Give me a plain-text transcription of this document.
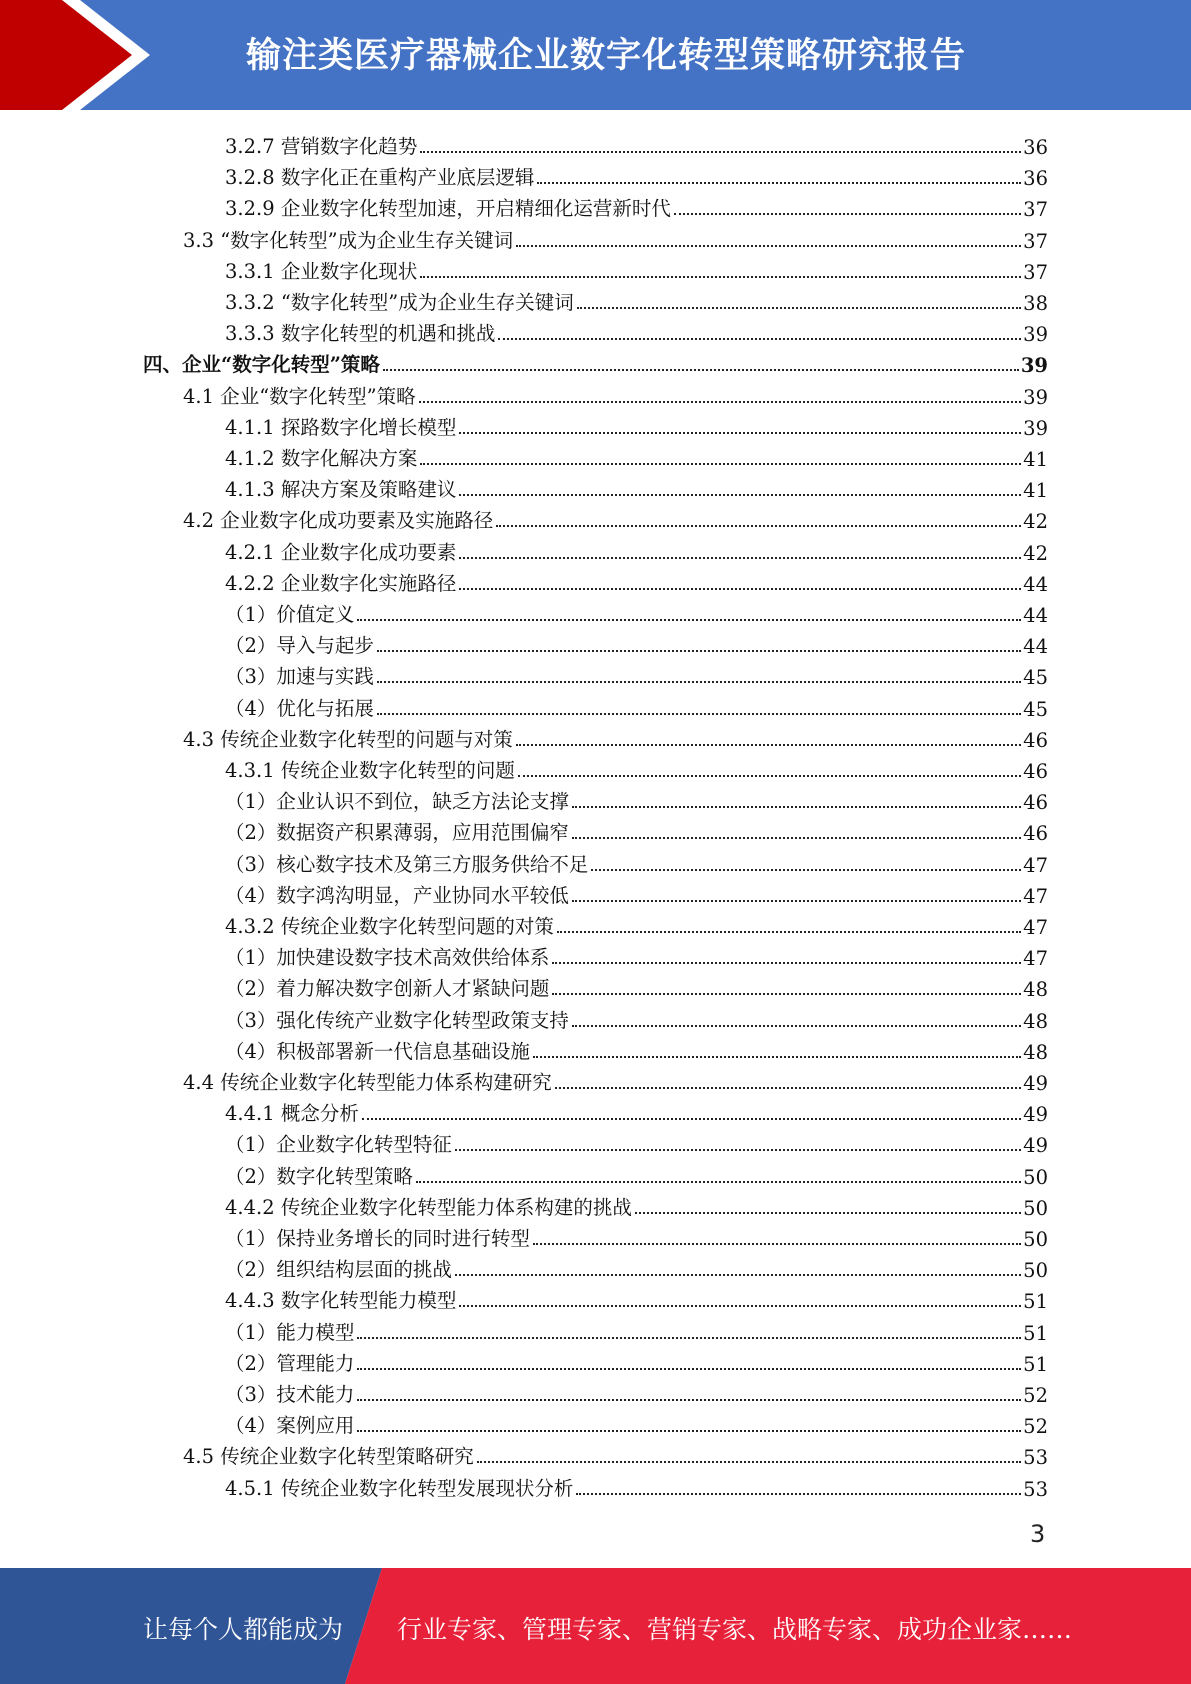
输注类医疗器械企业数字化转型策略研究报告
3.2.7 营销数字化趋势	36
3.2.8 数字化正在重构产业底层逻辑	36
3.2.9 企业数字化转型加速，开启精细化运营新时代	37
3.3 “数字化转型”成为企业生存关键词	37
3.3.1 企业数字化现状	37
3.3.2 “数字化转型”成为企业生存关键词	38
3.3.3 数字化转型的机遇和挑战	39
四、企业“数字化转型”策略	39
4.1 企业“数字化转型”策略	39
4.1.1 探路数字化增长模型	39
4.1.2 数字化解决方案	41
4.1.3 解决方案及策略建议	41
4.2 企业数字化成功要素及实施路径	42
4.2.1 企业数字化成功要素	42
4.2.2 企业数字化实施路径	44
（1）价值定义	44
（2）导入与起步	44
（3）加速与实践	45
（4）优化与拓展	45
4.3 传统企业数字化转型的问题与对策	46
4.3.1 传统企业数字化转型的问题	46
（1）企业认识不到位，缺乏方法论支撑	46
（2）数据资产积累薄弱，应用范围偏窄	46
（3）核心数字技术及第三方服务供给不足	47
（4）数字鸿沟明显，产业协同水平较低	47
4.3.2 传统企业数字化转型问题的对策	47
（1）加快建设数字技术高效供给体系	47
（2）着力解决数字创新人才紧缺问题	48
（3）强化传统产业数字化转型政策支持	48
（4）积极部署新一代信息基础设施	48
4.4 传统企业数字化转型能力体系构建研究	49
4.4.1 概念分析	49
（1）企业数字化转型特征	49
（2）数字化转型策略	50
4.4.2 传统企业数字化转型能力体系构建的挑战	50
（1）保持业务增长的同时进行转型	50
（2）组织结构层面的挑战	50
4.4.3 数字化转型能力模型	51
（1）能力模型	51
（2）管理能力	51
（3）技术能力	52
（4）案例应用	52
4.5 传统企业数字化转型策略研究	53
4.5.1 传统企业数字化转型发展现状分析	53
3
让每个人都能成为 行业专家、管理专家、营销专家、战略专家、成功企业家……
